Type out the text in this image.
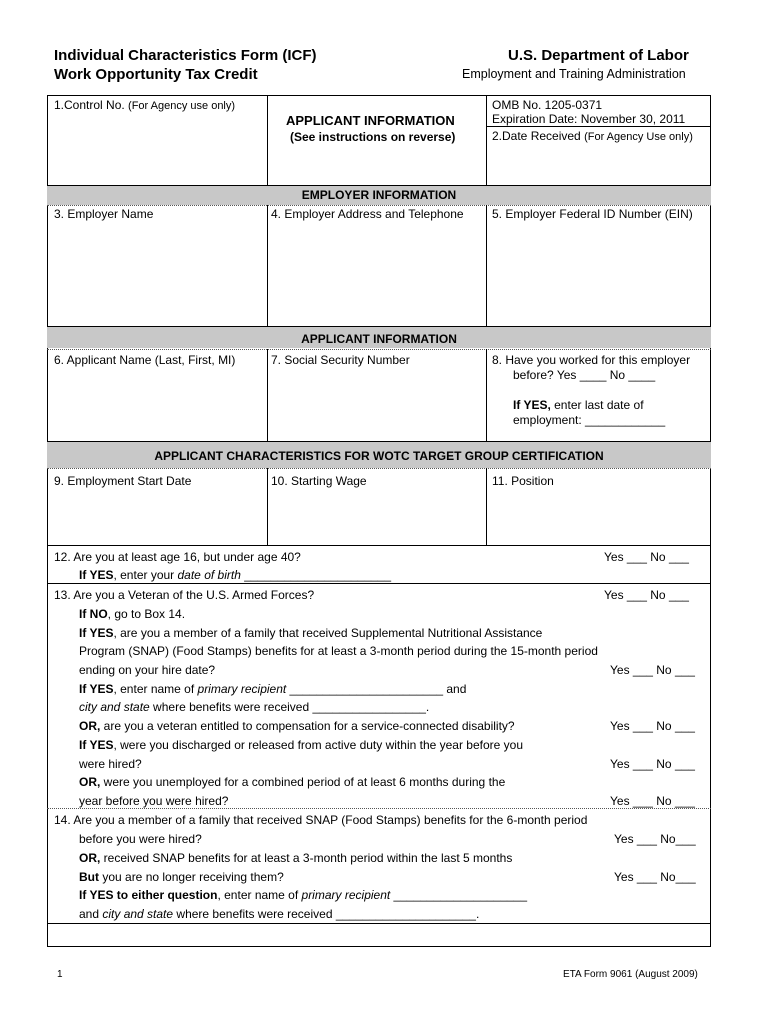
Individual Characteristics Form (ICF)
Work Opportunity Tax Credit
U.S. Department of Labor
Employment and Training Administration
1.Control No. (For Agency use only)
APPLICANT INFORMATION
(See instructions on reverse)
OMB No. 1205-0371
Expiration Date: November 30, 2011
2.Date Received (For Agency Use only)
EMPLOYER INFORMATION
3. Employer Name	4. Employer Address and Telephone 5. Employer Federal ID Number (EIN)
APPLICANT INFORMATION
6. Applicant Name (Last, First, MI)	7. Social Security Number	8. Have you worked for this employer
before? Yes ____ No ____
If YES, enter last date of
employment: ____________
APPLICANT CHARACTERISTICS FOR WOTC TARGET GROUP CERTIFICATION
9. Employment Start Date	10. Starting Wage	11. Position
12. Are you at least age 16, but under age 40?	Yes ___ No ___
If YES, enter your date of birth ______________________
13. Are you a Veteran of the U.S. Armed Forces?	Yes ___ No ___
If NO, go to Box 14.
If YES, are you a member of a family that received Supplemental Nutritional Assistance
Program (SNAP) (Food Stamps) benefits for at least a 3-month period during the 15-month period
ending on your hire date?	Yes ___ No ___
If YES, enter name of primary recipient _______________________ and
city and state where benefits were received _________________.
OR, are you a veteran entitled to compensation for a service-connected disability?	Yes ___ No ___
If YES, were you discharged or released from active duty within the year before you
were hired?	Yes ___ No ___
OR, were you unemployed for a combined period of at least 6 months during the
year before you were hired?	Yes ___ No ___
14. Are you a member of a family that received SNAP (Food Stamps) benefits for the 6-month period
before you were hired?	Yes ___ No___
OR, received SNAP benefits for at least a 3-month period within the last 5 months
But you are no longer receiving them?	Yes ___ No___
If YES to either question, enter name of primary recipient ____________________
and city and state where benefits were received _____________________.
1	ETA Form 9061 (August 2009)
